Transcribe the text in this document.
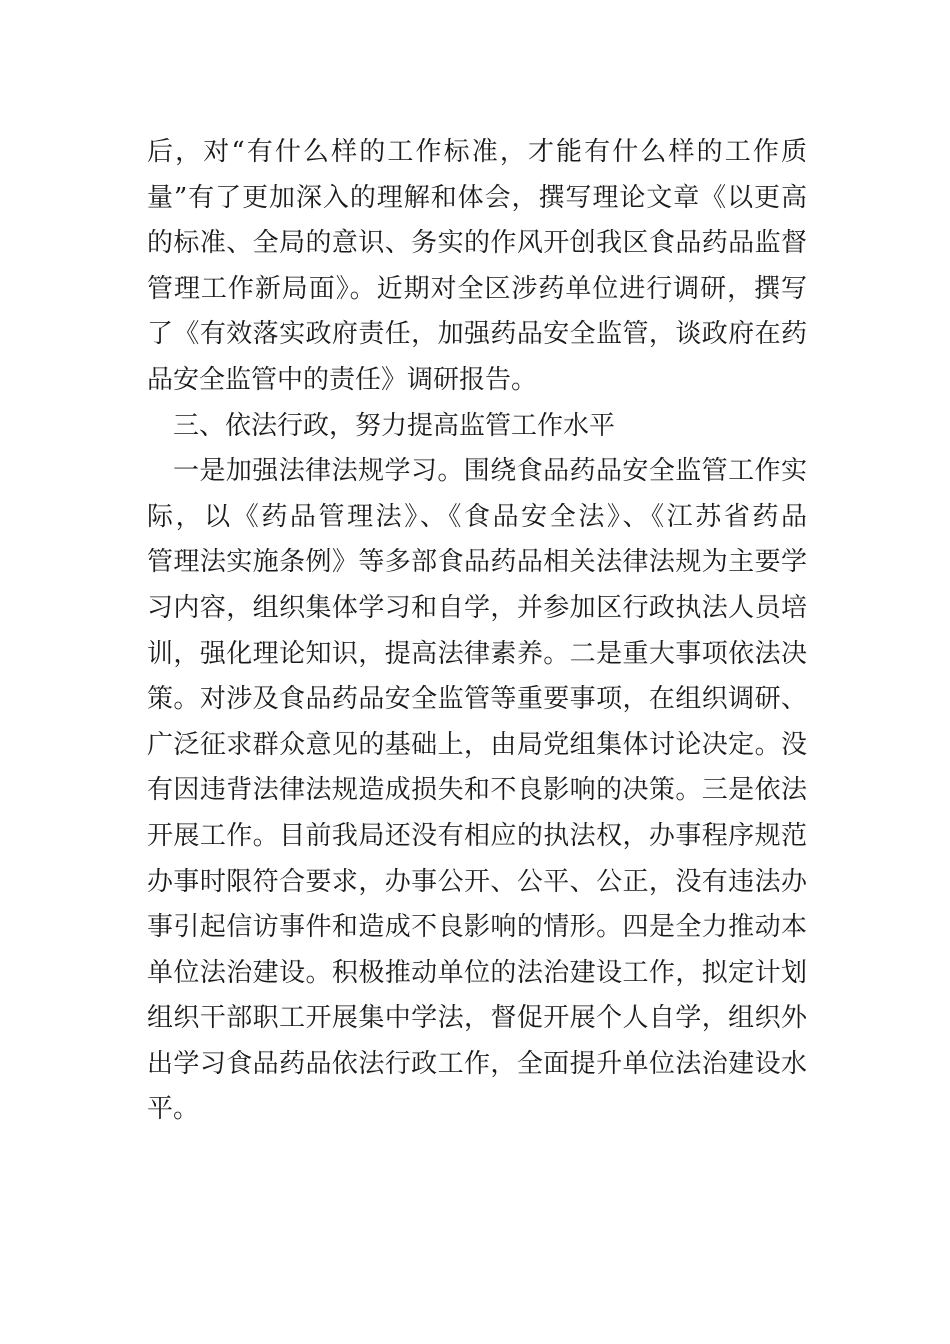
后，对“有什么样的工作标准，才能有什么样的工作质
量”有了更加深入的理解和体会，撰写理论文章《以更高
的标准、全局的意识、务实的作风开创我区食品药品监督
管理工作新局面》。近期对全区涉药单位进行调研，撰写
了《有效落实政府责任，加强药品安全监管，谈政府在药
品安全监管中的责任》调研报告。
三、依法行政，努力提高监管工作水平
一是加强法律法规学习。围绕食品药品安全监管工作实
际，以《药品管理法》、《食品安全法》、《江苏省药品
管理法实施条例》等多部食品药品相关法律法规为主要学
习内容，组织集体学习和自学，并参加区行政执法人员培
训，强化理论知识，提高法律素养。二是重大事项依法决
策。对涉及食品药品安全监管等重要事项，在组织调研、
广泛征求群众意见的基础上，由局党组集体讨论决定。没
有因违背法律法规造成损失和不良影响的决策。三是依法
开展工作。目前我局还没有相应的执法权，办事程序规范
办事时限符合要求，办事公开、公平、公正，没有违法办
事引起信访事件和造成不良影响的情形。四是全力推动本
单位法治建设。积极推动单位的法治建设工作，拟定计划
组织干部职工开展集中学法，督促开展个人自学，组织外
出学习食品药品依法行政工作，全面提升单位法治建设水
平。
